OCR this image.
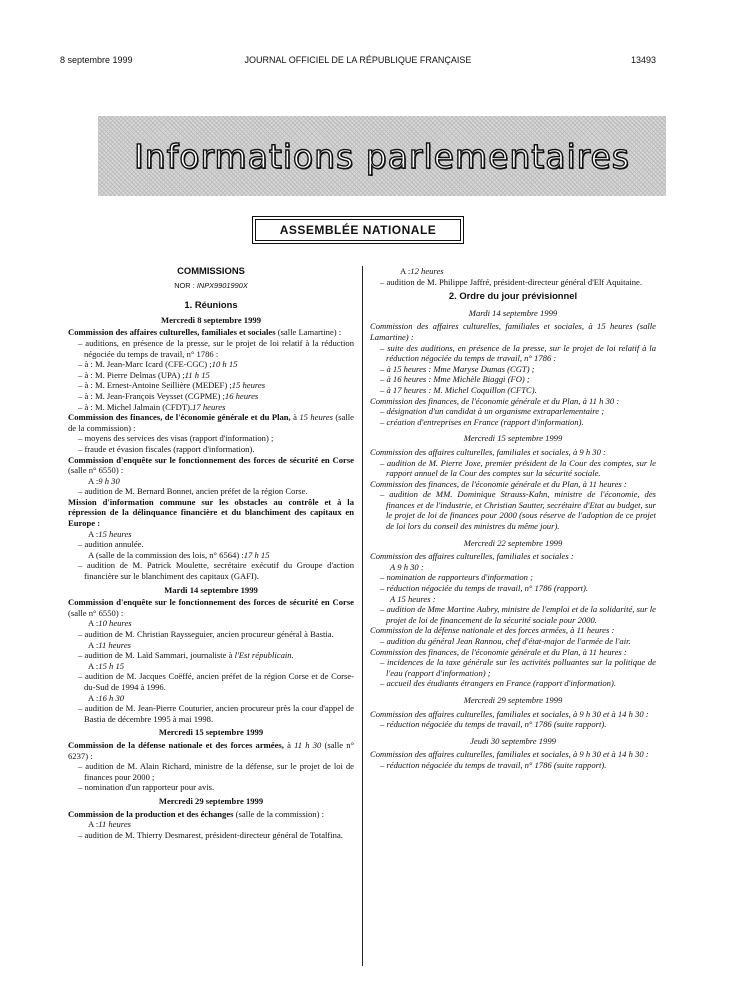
8 septembre 1999	JOURNAL OFFICIEL DE LA RÉPUBLIQUE FRANÇAISE	13493
Informations parlementaires
ASSEMBLÉE NATIONALE
COMMISSIONS
NOR : INPX9901990X
1. Réunions
Mercredi 8 septembre 1999
Commission des affaires culturelles, familiales et sociales (salle Lamartine) :
– auditions, en présence de la presse, sur le projet de loi relatif à la réduction négociée du temps de travail, n° 1786 :
– à : M. Jean-Marc Icard (CFE-CGC) ;10 h 15
– à : M. Pierre Delmas (UPA) ;11 h 15
– à : M. Ernest-Antoine Seillière (MEDEF) ;15 heures
– à : M. Jean-François Veysset (CGPME) ;16 heures
– à : M. Michel Jalmain (CFDT).17 heures
Commission des finances, de l'économie générale et du Plan, à 15 heures (salle de la commission) :
– moyens des services des visas (rapport d'information) ;
– fraude et évasion fiscales (rapport d'information).
Commission d'enquête sur le fonctionnement des forces de sécurité en Corse (salle n° 6550) :
A :9 h 30
– audition de M. Bernard Bonnet, ancien préfet de la région Corse.
Mission d'information commune sur les obstacles au contrôle et à la répression de la délinquance financière et du blanchiment des capitaux en Europe :
A :15 heures
– audition annulée.
A (salle de la commission des lois, n° 6564) :17 h 15
– audition de M. Patrick Moulette, secrétaire exécutif du Groupe d'action financière sur le blanchiment des capitaux (GAFI).
Mardi 14 septembre 1999
Commission d'enquête sur le fonctionnement des forces de sécurité en Corse (salle n° 6550) :
A :10 heures
– audition de M. Christian Raysseguier, ancien procureur général à Bastia.
A :11 heures
– audition de M. Laïd Sammari, journaliste à l'Est républicain.
A :15 h 15
– audition de M. Jacques Coëffé, ancien préfet de la région Corse et de Corse-du-Sud de 1994 à 1996.
A :16 h 30
– audition de M. Jean-Pierre Couturier, ancien procureur près la cour d'appel de Bastia de décembre 1995 à mai 1998.
Mercredi 15 septembre 1999
Commission de la défense nationale et des forces armées, à 11 h 30 (salle n° 6237) :
– audition de M. Alain Richard, ministre de la défense, sur le projet de loi de finances pour 2000 ;
– nomination d'un rapporteur pour avis.
Mercredi 29 septembre 1999
Commission de la production et des échanges (salle de la commission) :
A :11 heures
– audition de M. Thierry Desmarest, président-directeur général de Totalfina.
A :12 heures
– audition de M. Philippe Jaffré, président-directeur général d'Elf Aquitaine.
2. Ordre du jour prévisionnel
Mardi 14 septembre 1999
Commission des affaires culturelles, familiales et sociales, à 15 heures (salle Lamartine) :
– suite des auditions, en présence de la presse, sur le projet de loi relatif à la réduction négociée du temps de travail, n° 1786 :
– à 15 heures : Mme Maryse Dumas (CGT) ;
– à 16 heures : Mme Michèle Biaggi (FO) ;
– à 17 heures : M. Michel Coquillon (CFTC).
Commission des finances, de l'économie générale et du Plan, à 11 h 30 :
– désignation d'un candidat à un organisme extraparlementaire ;
– création d'entreprises en France (rapport d'information).
Mercredi 15 septembre 1999
Commission des affaires culturelles, familiales et sociales, à 9 h 30 :
– audition de M. Pierre Joxe, premier président de la Cour des comptes, sur le rapport annuel de la Cour des comptes sur la sécurité sociale.
Commission des finances, de l'économie générale et du Plan, à 11 heures :
– audition de MM. Dominique Strauss-Kahn, ministre de l'économie, des finances et de l'industrie, et Christian Sautter, secrétaire d'Etat au budget, sur le projet de loi de finances pour 2000 (sous réserve de l'adoption de ce projet de loi lors du conseil des ministres du même jour).
Mercredi 22 septembre 1999
Commission des affaires culturelles, familiales et sociales :
A 9 h 30 :
– nomination de rapporteurs d'information ;
– réduction négociée du temps de travail, n° 1786 (rapport).
A 15 heures :
– audition de Mme Martine Aubry, ministre de l'emploi et de la solidarité, sur le projet de loi de financement de la sécurité sociale pour 2000.
Commission de la défense nationale et des forces armées, à 11 heures :
– audition du général Jean Rannou, chef d'état-major de l'armée de l'air.
Commission des finances, de l'économie générale et du Plan, à 11 heures :
– incidences de la taxe générale sur les activités polluantes sur la politique de l'eau (rapport d'information) ;
– accueil des étudiants étrangers en France (rapport d'information).
Mercredi 29 septembre 1999
Commission des affaires culturelles, familiales et sociales, à 9 h 30 et à 14 h 30 :
– réduction négociée du temps de travail, n° 1786 (suite rapport).
Jeudi 30 septembre 1999
Commission des affaires culturelles, familiales et sociales, à 9 h 30 et à 14 h 30 :
– réduction négociée du temps de travail, n° 1786 (suite rapport).
